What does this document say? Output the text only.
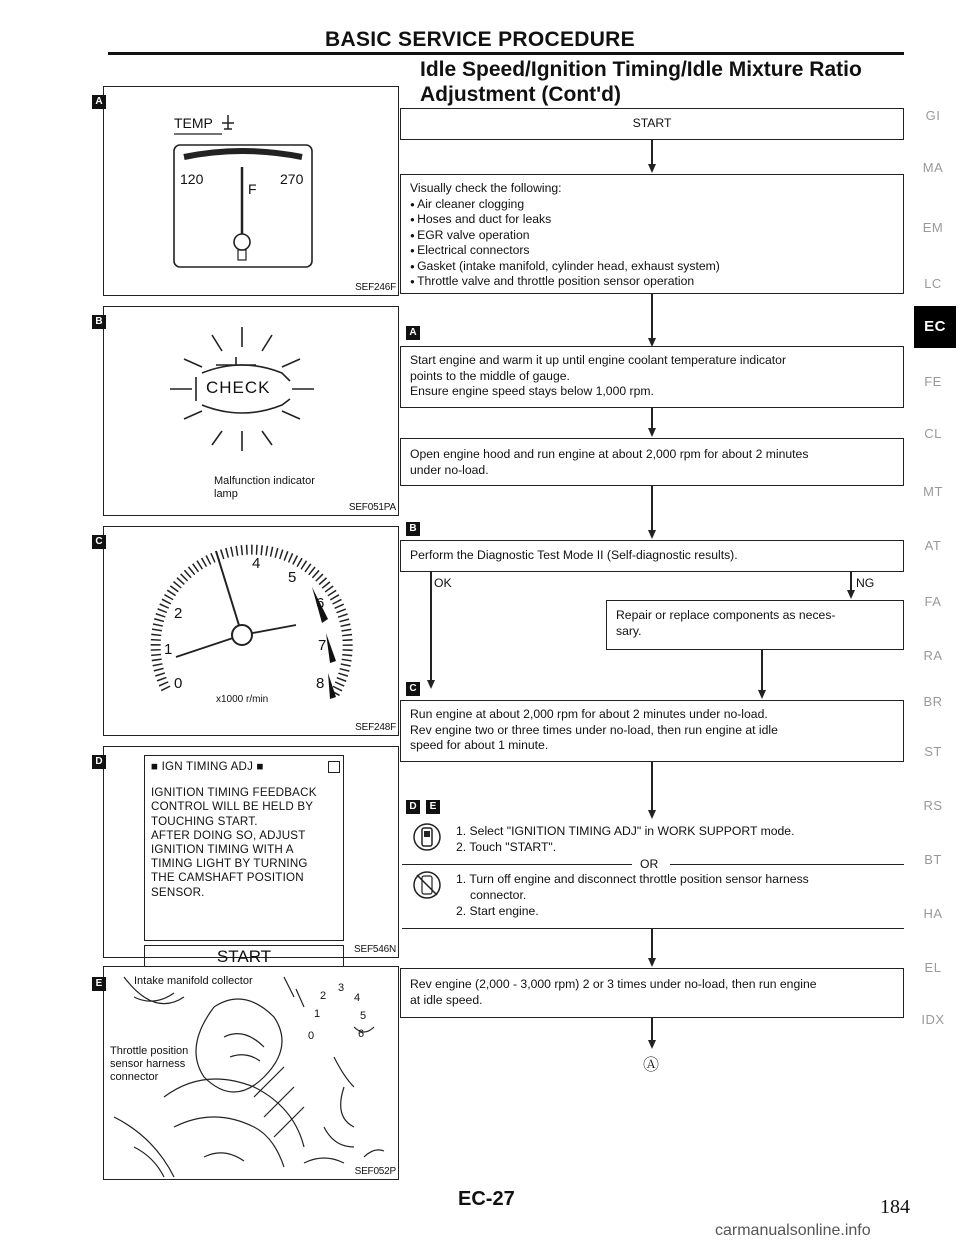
BASIC SERVICE PROCEDURE
Idle Speed/Ignition Timing/Idle Mixture Ratio
Adjustment (Cont'd)
A
TEMP
120	270
F
SEF246F
B
CHECK
Malfunction indicator
lamp
SEF051PA
C
0
1
2
4
5
6
7
8
x1000 r/min
SEF248F
D	■ IGN TIMING ADJ ■
IGNITION TIMING FEEDBACK
CONTROL WILL BE HELD BY
TOUCHING START.
AFTER DOING SO, ADJUST
IGNITION TIMING WITH A
TIMING LIGHT BY TURNING
THE CAMSHAFT POSITION
SENSOR.
START	SEF546N
E
2
3
4
5
6
1
0
Intake manifold collector
Throttle position
sensor harness
connector
SEF052P
START
Visually check the following:
● Air cleaner clogging
● Hoses and duct for leaks
● EGR valve operation
● Electrical connectors
● Gasket (intake manifold, cylinder head, exhaust system)
● Throttle valve and throttle position sensor operation
A
Start engine and warm it up until engine coolant temperature indicator
points to the middle of gauge.
Ensure engine speed stays below 1,000 rpm.
Open engine hood and run engine at about 2,000 rpm for about 2 minutes
under no-load.
B
Perform the Diagnostic Test Mode II (Self-diagnostic results).
OK	NG
Repair or replace components as neces-
sary.
C
Run engine at about 2,000 rpm for about 2 minutes under no-load.
Rev engine two or three times under no-load, then run engine at idle
speed for about 1 minute.
D	E
1. Select "IGNITION TIMING ADJ" in WORK SUPPORT mode.
2. Touch "START".
OR
1. Turn off engine and disconnect throttle position sensor harness
connector.
2. Start engine.
Rev engine (2,000 - 3,000 rpm) 2 or 3 times under no-load, then run engine
at idle speed.
Ⓐ
GI
MA
EM
LC
EC
FE
CL
MT
AT
FA
RA
BR
ST
RS
BT
HA
EL
IDX
EC-27	184
carmanualsonline.info
